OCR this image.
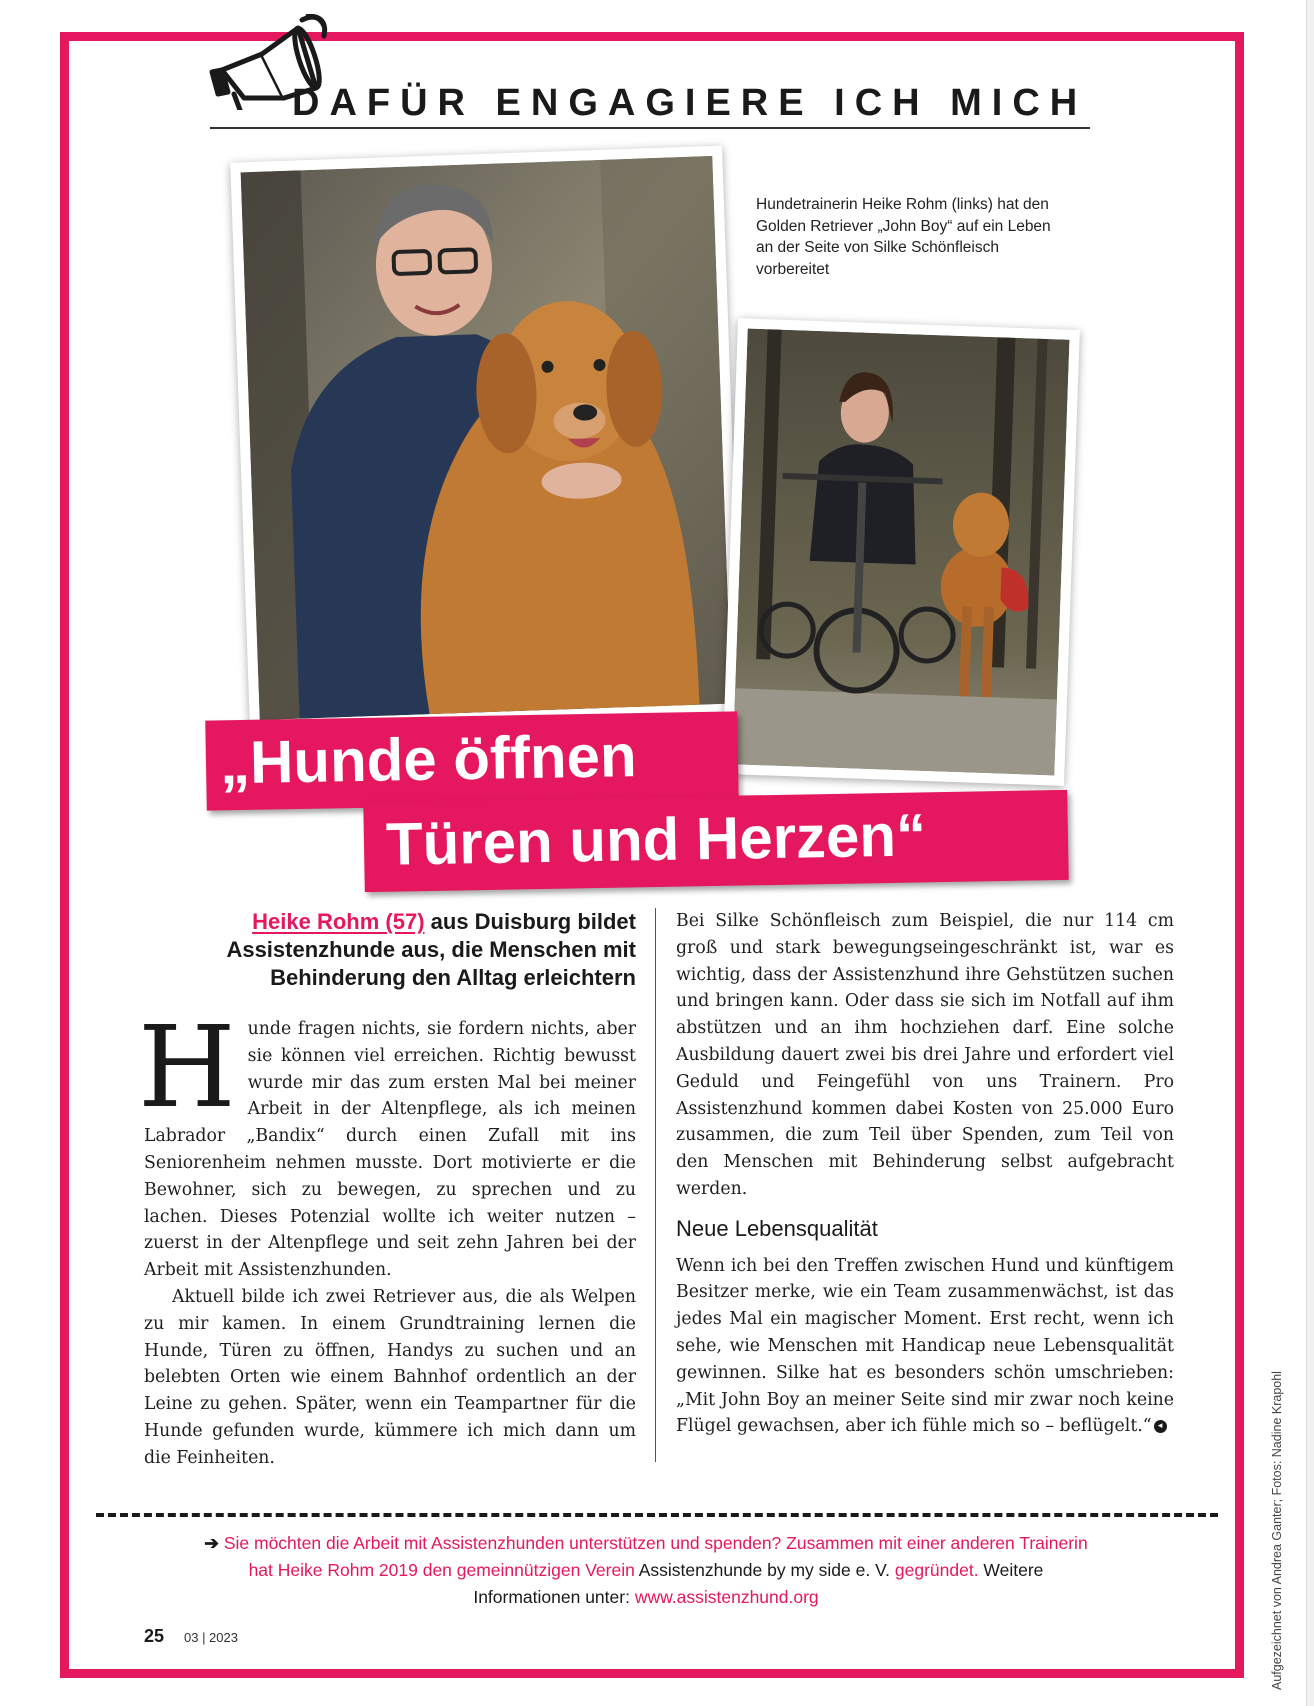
DAFÜR ENGAGIERE ICH MICH
Hundetrainerin Heike Rohm (links) hat den Golden Retriever „John Boy“ auf ein Leben an der Seite von Silke Schönfleisch vorbereitet
„Hunde öffnen
Türen und Herzen“
Heike Rohm (57) aus Duisburg bildet Assistenzhunde aus, die Menschen mit Behinderung den Alltag erleichtern
H unde fragen nichts, sie fordern nichts, aber sie können viel erreichen. Richtig bewusst wurde mir das zum ersten Mal bei meiner Arbeit in der Altenpflege, als ich meinen Labrador „Bandix“ durch einen Zufall mit ins Seniorenheim nehmen musste. Dort motivierte er die Bewohner, sich zu bewegen, zu sprechen und zu lachen. Dieses Potenzial wollte ich weiter nutzen – zuerst in der Altenpflege und seit zehn Jahren bei der Arbeit mit Assistenzhunden.

Aktuell bilde ich zwei Retriever aus, die als Welpen zu mir kamen. In einem Grundtraining lernen die Hunde, Türen zu öffnen, Handys zu suchen und an belebten Orten wie einem Bahnhof ordentlich an der Leine zu gehen. Später, wenn ein Teampartner für die Hunde gefunden wurde, kümmere ich mich dann um die Feinheiten.

Bei Silke Schönfleisch zum Beispiel, die nur 114 cm groß und stark bewegungseingeschränkt ist, war es wichtig, dass der Assistenzhund ihre Gehstützen suchen und bringen kann. Oder dass sie sich im Notfall auf ihm abstützen und an ihm hochziehen darf. Eine solche Ausbildung dauert zwei bis drei Jahre und erfordert viel Geduld und Feingefühl von uns Trainern. Pro Assistenzhund kommen dabei Kosten von 25.000 Euro zusammen, die zum Teil über Spenden, zum Teil von den Menschen mit Behinderung selbst aufgebracht werden.

Neue Lebensqualität

Wenn ich bei den Treffen zwischen Hund und künftigem Besitzer merke, wie ein Team zusammenwächst, ist das jedes Mal ein magischer Moment. Erst recht, wenn ich sehe, wie Menschen mit Handicap neue Lebensqualität gewinnen. Silke hat es besonders schön umschrieben: „Mit John Boy an meiner Seite sind mir zwar noch keine Flügel gewachsen, aber ich fühle mich so – beflügelt.“ ◂

➔ Sie möchten die Arbeit mit Assistenzhunden unterstützen und spenden? Zusammen mit einer anderen Trainerin hat Heike Rohm 2019 den gemeinnützigen Verein Assistenzhunde by my side e. V. gegründet. Weitere Informationen unter: www.assistenzhund.org
25 03 | 2023	Aufgezeichnet von Andrea Ganter; Fotos: Nadine Krapohl
